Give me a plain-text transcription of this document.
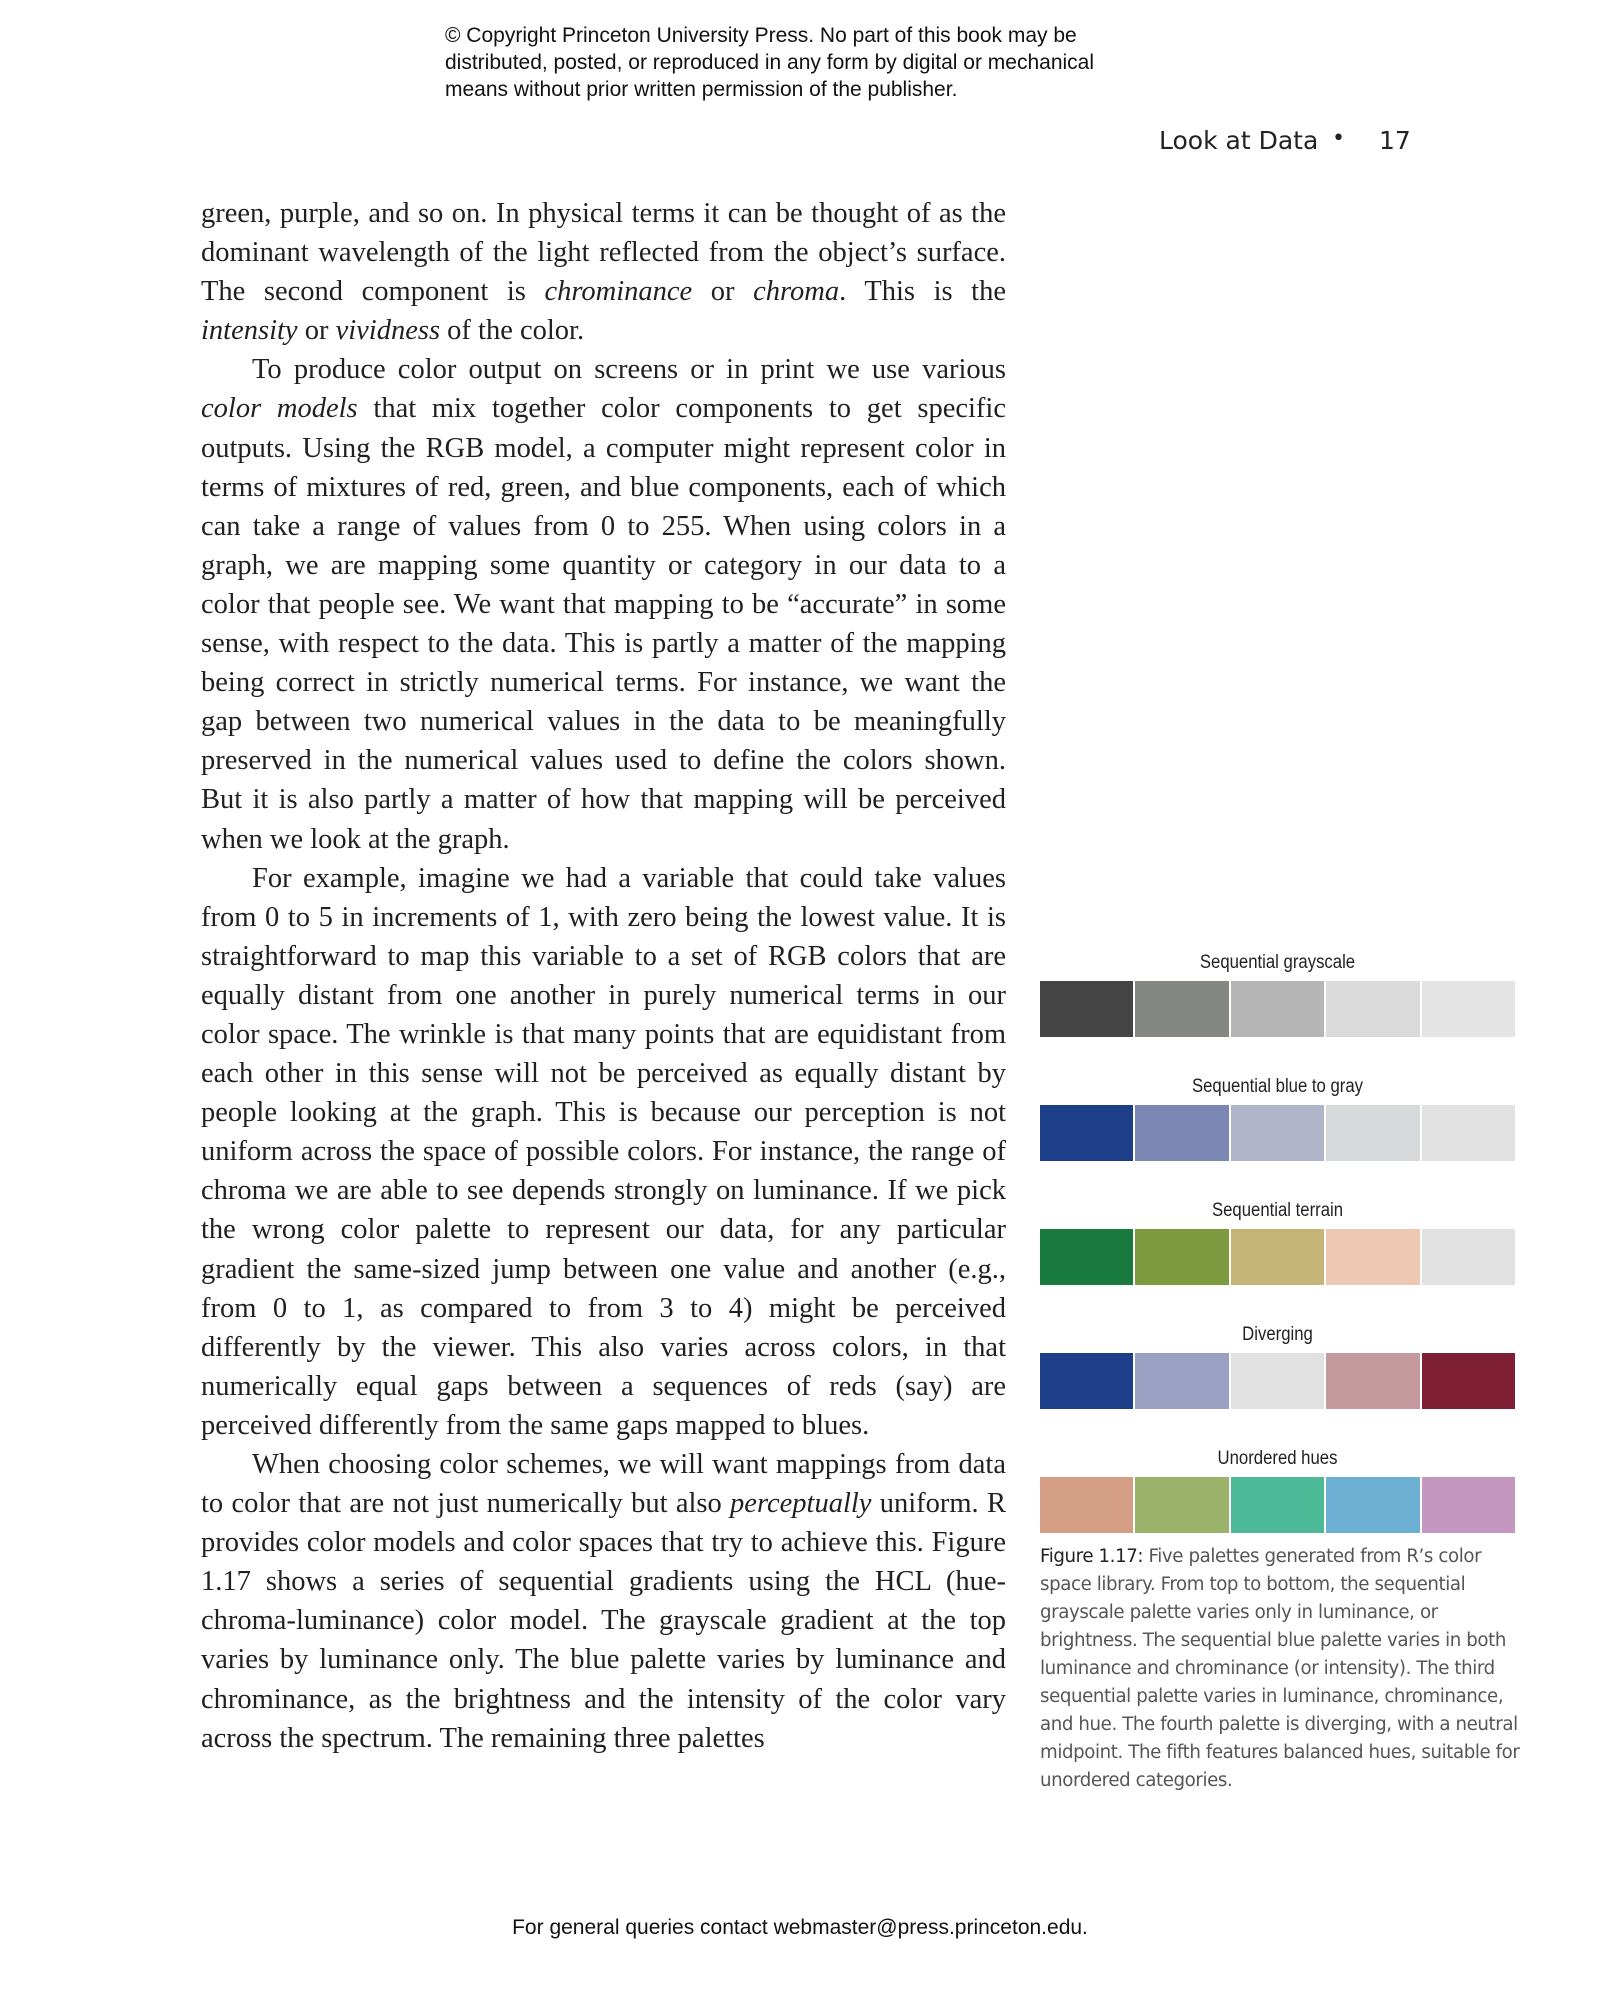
© Copyright Princeton University Press. No part of this book may be

distributed, posted, or reproduced in any form by digital or mechanical

means without prior written permission of the publisher.

Look at Data • 17

green, purple, and so on. In physical terms it can be thought of as the dominant wavelength of the light reflected from the object’s surface. The second component is chrominance or chroma. This is the intensity or vividness of the color.

To produce color output on screens or in print we use various color models that mix together color components to get specific outputs. Using the RGB model, a computer might represent color in terms of mixtures of red, green, and blue components, each of which can take a range of values from 0 to 255. When using colors in a graph, we are mapping some quantity or category in our data to a color that people see. We want that mapping to be “accurate” in some sense, with respect to the data. This is partly a matter of the mapping being correct in strictly numerical terms. For instance, we want the gap between two numerical values in the data to be meaningfully preserved in the numerical values used to define the colors shown. But it is also partly a matter of how that mapping will be perceived when we look at the graph.

For example, imagine we had a variable that could take values from 0 to 5 in increments of 1, with zero being the lowest value. It is straightforward to map this variable to a set of RGB colors that are equally distant from one another in purely numerical terms in our color space. The wrinkle is that many points that are equidistant from each other in this sense will not be perceived as equally distant by people looking at the graph. This is because our perception is not uniform across the space of possible colors. For instance, the range of chroma we are able to see depends strongly on luminance. If we pick the wrong color palette to represent our data, for any particular gradient the same-sized jump between one value and another (e.g., from 0 to 1, as compared to from 3 to 4) might be perceived differently by the viewer. This also varies across colors, in that numerically equal gaps between a sequences of reds (say) are perceived differently from the same gaps mapped to blues.

When choosing color schemes, we will want mappings from data to color that are not just numerically but also perceptually uniform. R provides color models and color spaces that try to achieve this. Figure 1.17 shows a series of sequential gradients using the HCL (hue-chroma-luminance) color model. The grayscale gradient at the top varies by luminance only. The blue palette varies by luminance and chrominance, as the brightness and the intensity of the color vary across the spectrum. The remaining three palettes

Sequential grayscale
Sequential blue to gray
Sequential terrain
Diverging
Unordered hues
Figure 1.17: Five palettes generated from R’s color space library. From top to bottom, the sequential grayscale palette varies only in luminance, or brightness. The sequential blue palette varies in both luminance and chrominance (or intensity). The third sequential palette varies in luminance, chrominance, and hue. The fourth palette is diverging, with a neutral midpoint. The fifth features balanced hues, suitable for unordered categories.
For general queries contact webmaster@press.princeton.edu.
